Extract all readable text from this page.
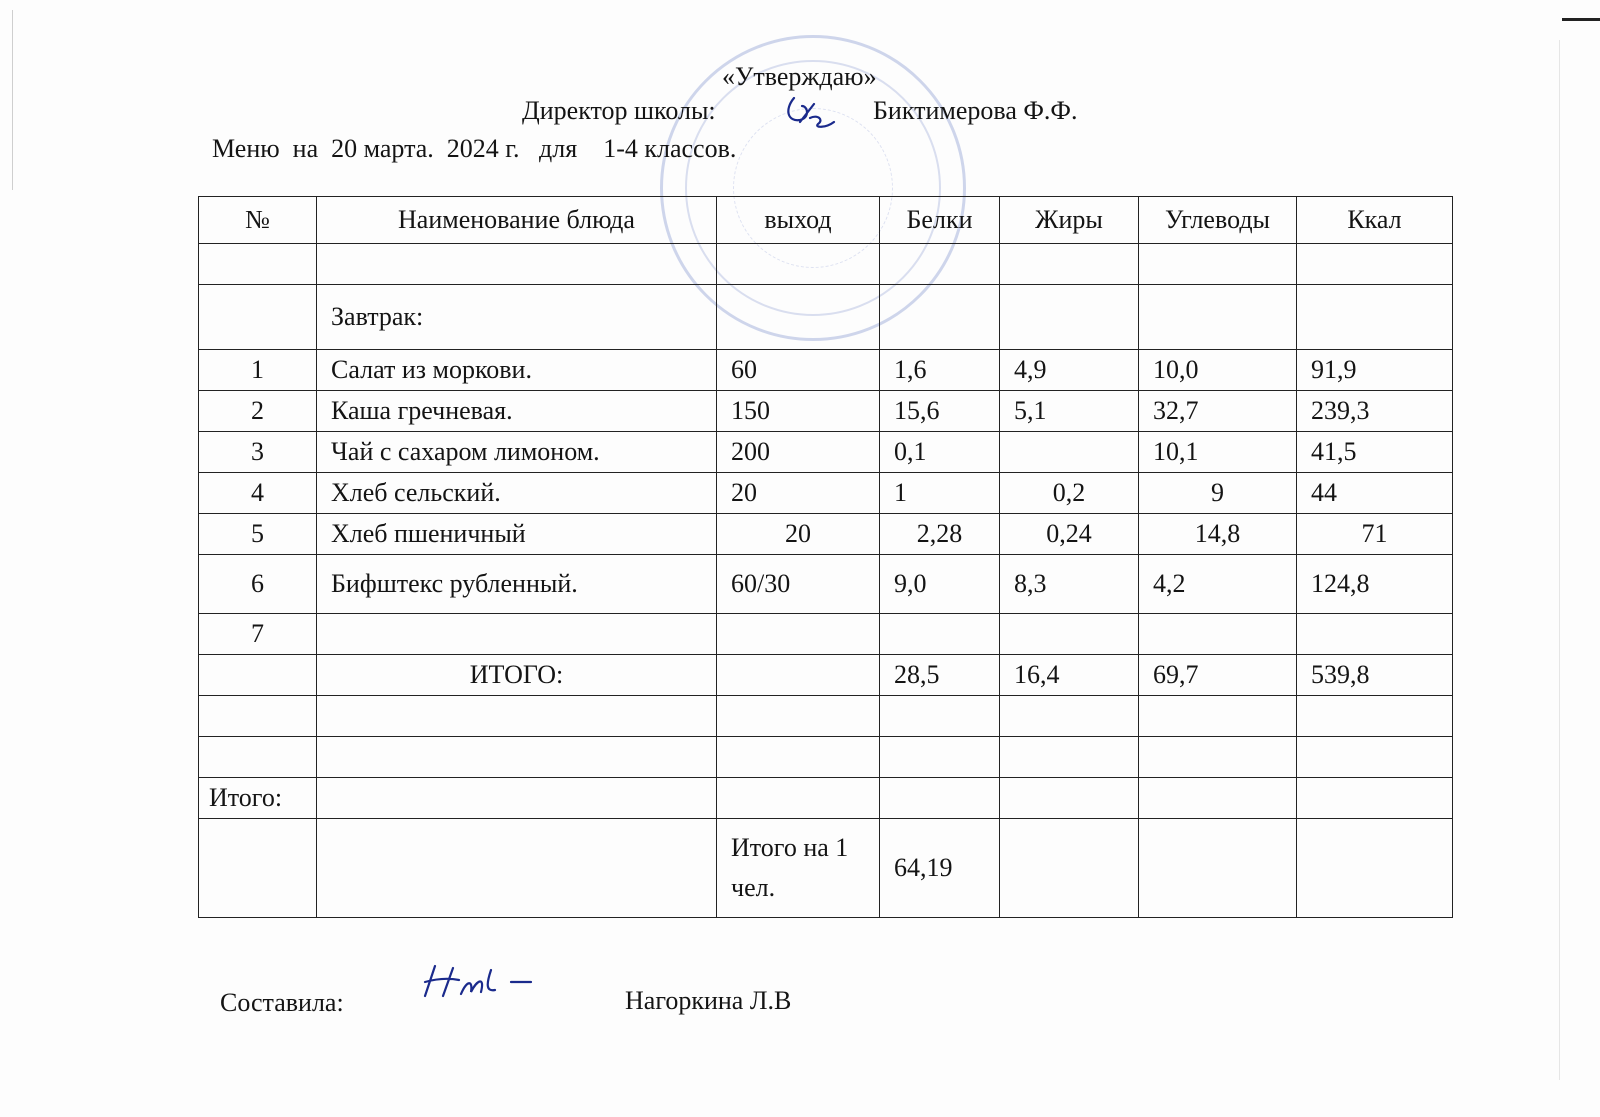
«Утверждаю»
Директор школы:	Биктимерова Ф.Ф.
Меню  на  20 марта.  2024 г.   для    1-4 классов.
№	Наименование блюда	выход	Белки	Жиры	Углеводы	Ккал

	Завтрак:					
1	Салат из моркови.	60	1,6	4,9	10,0	91,9
2	Каша гречневая.	150	15,6	5,1	32,7	239,3
3	Чай с сахаром лимоном.	200	0,1		10,1	41,5
4	Хлеб сельский.	20	1	0,2	9	44
5	Хлеб пшеничный	20	2,28	0,24	14,8	71
6	Бифштекс рубленный.	60/30	9,0	8,3	4,2	124,8
7						
	ИТОГО:		28,5	16,4	69,7	539,8

Итого:						
		Итого на 1 чел.	64,19			
Составила:	Нагоркина Л.В
